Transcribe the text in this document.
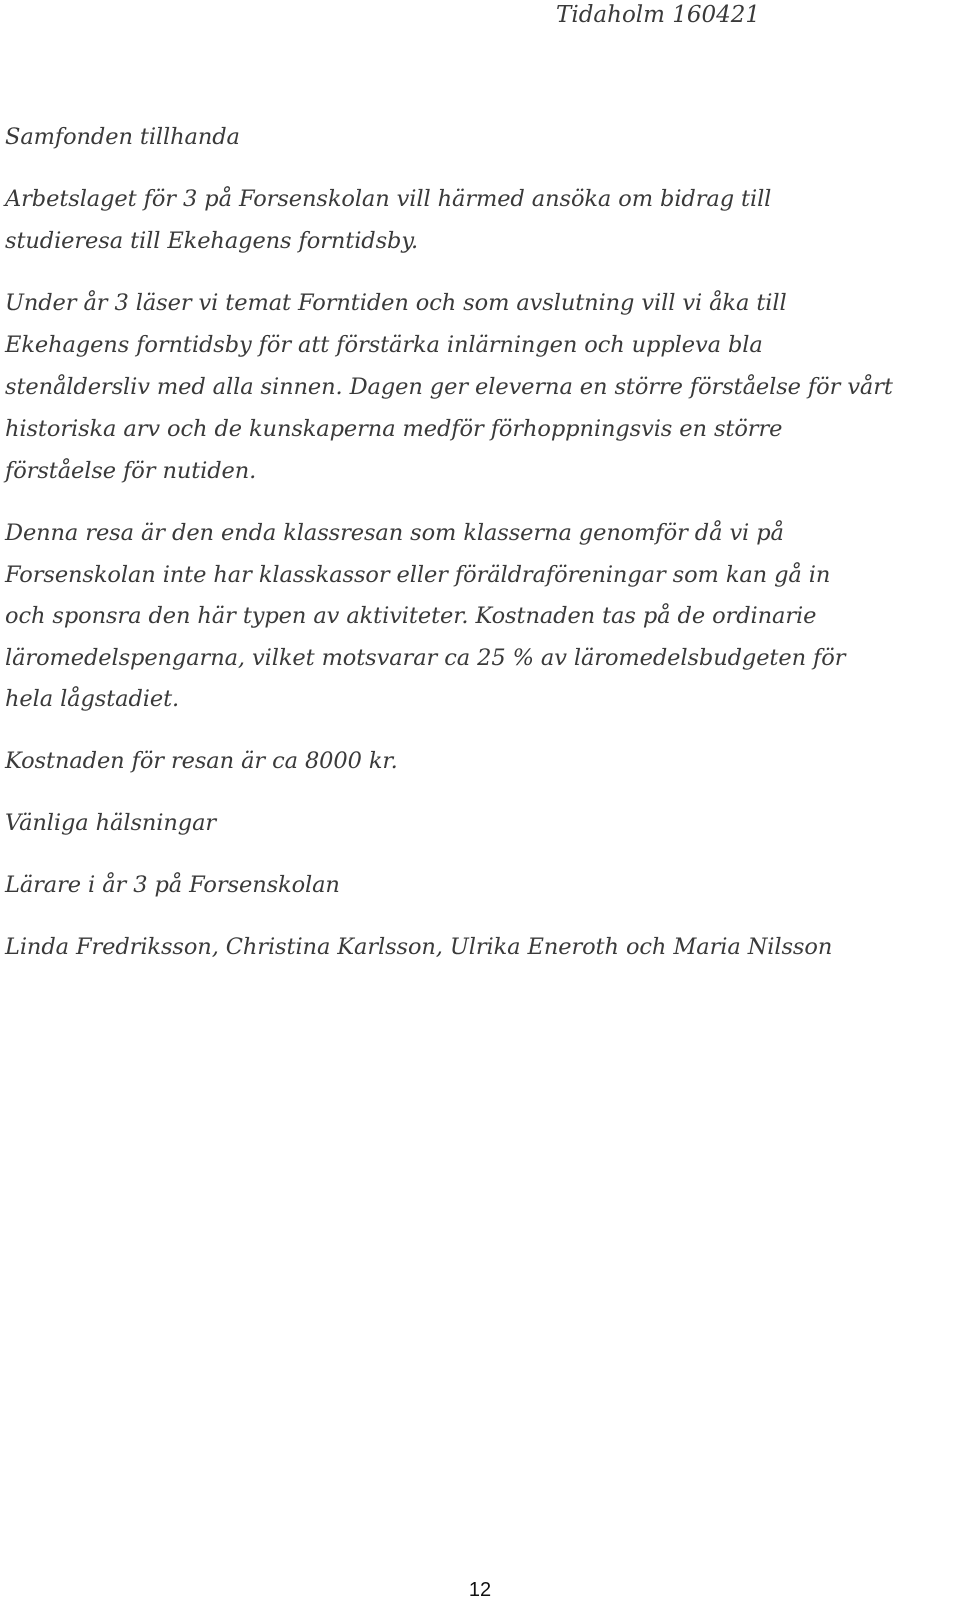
Tidaholm 160421
Samfonden tillhanda
Arbetslaget för 3 på Forsenskolan vill härmed ansöka om bidrag till
studieresa till Ekehagens forntidsby.
Under år 3 läser vi temat Forntiden och som avslutning vill vi åka till
Ekehagens forntidsby för att förstärka inlärningen och uppleva bla
stenåldersliv med alla sinnen. Dagen ger eleverna en större förståelse för vårt
historiska arv och de kunskaperna medför förhoppningsvis en större
förståelse för nutiden.
Denna resa är den enda klassresan som klasserna genomför då vi på
Forsenskolan inte har klasskassor eller föräldraföreningar som kan gå in
och sponsra den här typen av aktiviteter. Kostnaden tas på de ordinarie
läromedelspengarna, vilket motsvarar ca 25 % av läromedelsbudgeten för
hela lågstadiet.
Kostnaden för resan är ca 8000 kr.
Vänliga hälsningar
Lärare i år 3 på Forsenskolan
Linda Fredriksson, Christina Karlsson, Ulrika Eneroth och Maria Nilsson
12
